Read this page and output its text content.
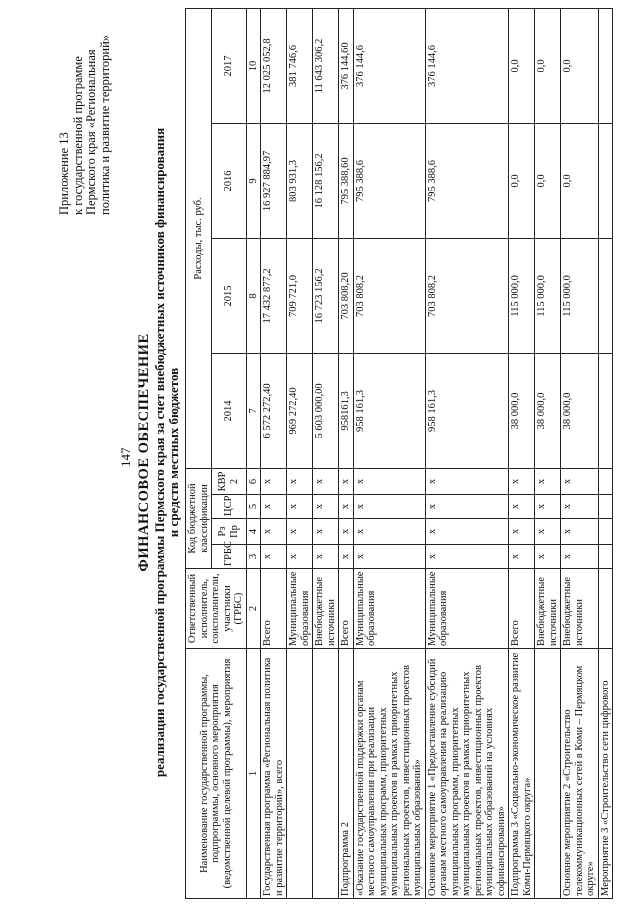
147
Приложение 13 к государственной программе Пермского края «Региональная политика и развитие территорий»
ФИНАНСОВОЕ ОБЕСПЕЧЕНИЕ реализации государственной программы Пермского края за счет внебюджетных источников финансирования и средств местных бюджетов
Наименование государственной программы, подпрограммы, основного мероприятия (ведомственной целевой программы), мероприятия	Ответственный исполнитель, соисполнители, участники (ГРБС)	Код бюджетной классификации				Расходы, тыс. руб.			
		ГРБС	Рз Пр	ЦСР	КВР 2	2014	2015	2016	2017

1	2	3	4	5	6	7	8	9	10
Государственная программа «Региональная политика и развитие территорий», всего	Всего	х	х	х	х	6 572 272,40	17 432 877,2	16 927 884,97	12 025 052,8
	Муниципальные образования	х	х	х	х	969 272,40	709 721,0	803 931,3	381 746,6
	Внебюджетные источники	х	х	х	х	5 603 000,00	16 723 156,2	16 128 156,2	11 643 306,2
Подпрограмма 2	Всего	х	х	х	х	958161,3	703 808,20	795 388,60	376 144,60
«Оказание государственной поддержки органам местного самоуправления при реализации муниципальных программ, приоритетных муниципальных проектов в рамках приоритетных региональных проектов, инвестиционных проектов муниципальных образований»	Муниципальные образования	х	х	х	х	958 161,3	703 808,2	795 388,6	376 144,6
Основное мероприятие 1 «Предоставление субсидий органам местного самоуправления на реализацию муниципальных программ, приоритетных муниципальных проектов в рамках приоритетных региональных проектов, инвестиционных проектов муниципальных образований на условиях софинансирования»	Муниципальные образования	х	х	х	х	958 161,3	703 808,2	795 388,6	376 144,6
Подпрограмма 3 «Социально-экономическое развитие Коми-Пермяцкого округа»	Всего	х	х	х	х	38 000,0	115 000,0	0,0	0,0
	Внебюджетные источники	х	х	х	х	38 000,0	115 000,0	0,0	0,0
Основное мероприятие 2 «Строительство телекоммуникационных сетей в Коми – Пермяцком округе»	Внебюджетные источники	х	х	х	х	38 000,0	115 000,0	0,0	0,0
Мероприятие 3 «Строительство сети цифрового									
